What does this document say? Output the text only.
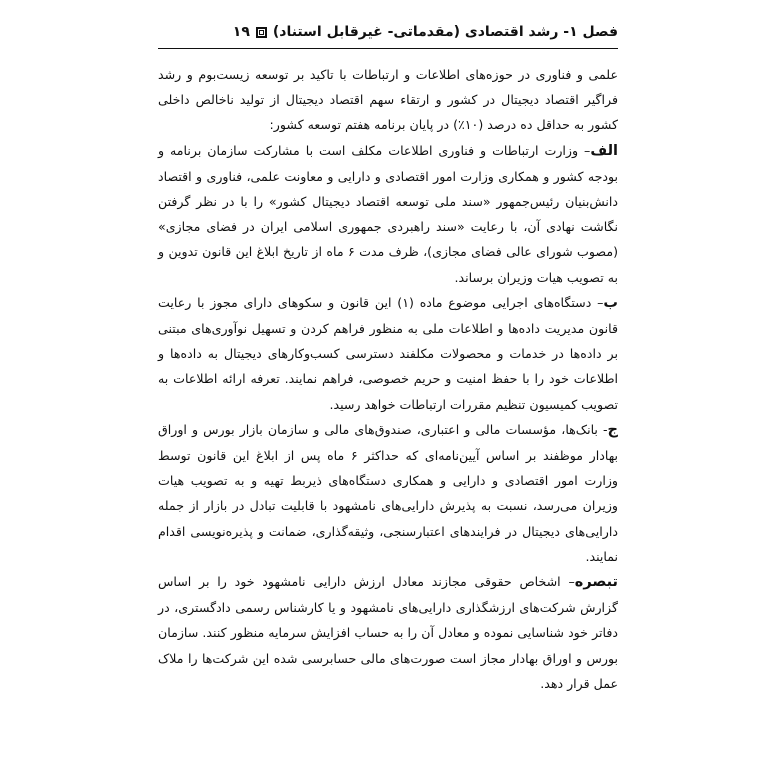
فصل ۱- رشد اقتصادی (مقدماتی- غیرقابل استناد)
۱۹

علمی و فناوری در حوزه‌های اطلاعات و ارتباطات با تاکید بر توسعه زیست‌بوم و رشد فراگیر اقتصاد دیجیتال در کشور و ارتقاء سهم اقتصاد دیجیتال از تولید ناخالص داخلی کشور به حداقل ده درصد (۱۰٪) در پایان برنامه هفتم توسعه کشور:

الف– وزارت ارتباطات و فناوری اطلاعات مکلف است با مشارکت سازمان برنامه و بودجه کشور و همکاری وزارت امور اقتصادی و دارایی و معاونت علمی، فناوری و اقتصاد دانش‌بنیان رئیس‌جمهور «سند ملی توسعه اقتصاد دیجیتال کشور» را با در نظر گرفتن نگاشت نهادی آن، با رعایت «سند راهبردی جمهوری اسلامی ایران در فضای مجازی» (مصوب شورای عالی فضای مجازی)، ظرف مدت ۶ ماه از تاریخ ابلاغ این قانون تدوین و به تصویب هیات وزیران برساند.

ب– دستگاه‌های اجرایی موضوع ماده (۱) این قانون و سکوهای دارای مجوز با رعایت قانون مدیریت داده‌ها و اطلاعات ملی به منظور فراهم کردن و تسهیل نوآوری‌های مبتنی بر داده‌ها در خدمات و محصولات مکلفند دسترسی کسب‌وکارهای دیجیتال به داده‌ها و اطلاعات خود را با حفظ امنیت و حریم خصوصی، فراهم نمایند. تعرفه ارائه اطلاعات به تصویب کمیسیون تنظیم مقررات ارتباطات خواهد رسید.

ج- بانک‌ها، مؤسسات مالی و اعتباری، صندوق‌های مالی و سازمان بازار بورس و اوراق بهادار موظفند بر اساس آیین‌نامه‌ای که حداکثر ۶ ماه پس از ابلاغ این قانون توسط وزارت امور اقتصادی و دارایی و همکاری دستگاه‌های ذیربط تهیه و به تصویب هیات وزیران می‌رسد، نسبت به پذیرش دارایی‌های نامشهود با قابلیت تبادل در بازار از جمله دارایی‌های دیجیتال در فرایندهای اعتبارسنجی، وثیقه‌گذاری، ضمانت و پذیره‌نویسی اقدام نمایند.

تبصره– اشخاص حقوقی مجازند معادل ارزش دارایی نامشهود خود را بر اساس گزارش شرکت‌های ارزشگذاری دارایی‌های نامشهود و یا کارشناس رسمی دادگستری، در دفاتر خود شناسایی نموده و معادل آن را به حساب افزایش سرمایه منظور کنند. سازمان بورس و اوراق بهادار مجاز است صورت‌های مالی حسابرسی شده این شرکت‌ها را ملاک عمل قرار دهد.
